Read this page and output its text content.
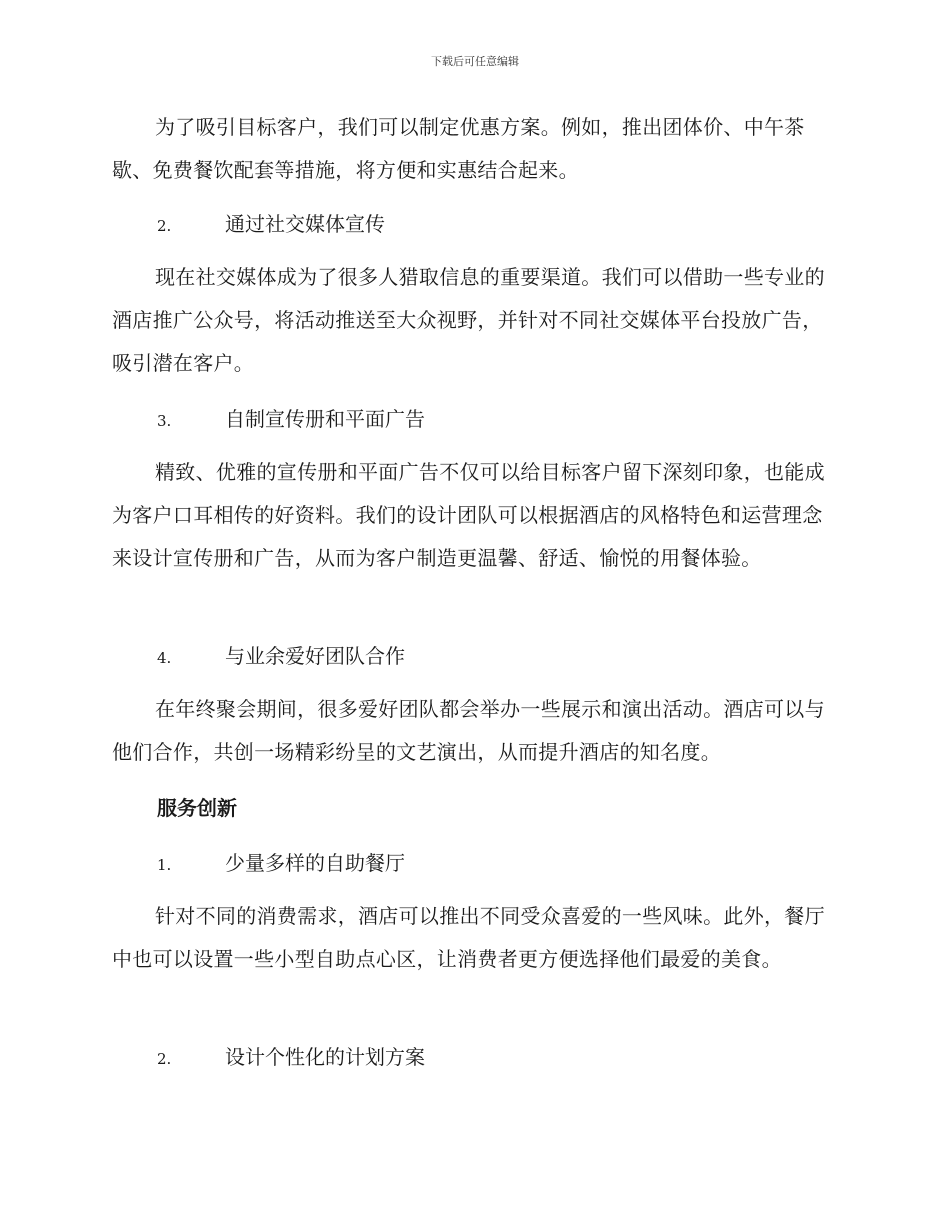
下载后可任意编辑

为了吸引目标客户，我们可以制定优惠方案。例如，推出团体价、中午茶歇、免费餐饮配套等措施，将方便和实惠结合起来。

2.	通过社交媒体宣传

现在社交媒体成为了很多人猎取信息的重要渠道。我们可以借助一些专业的酒店推广公众号，将活动推送至大众视野，并针对不同社交媒体平台投放广告，吸引潜在客户。

3.	自制宣传册和平面广告

精致、优雅的宣传册和平面广告不仅可以给目标客户留下深刻印象，也能成为客户口耳相传的好资料。我们的设计团队可以根据酒店的风格特色和运营理念来设计宣传册和广告，从而为客户制造更温馨、舒适、愉悦的用餐体验。

4.	与业余爱好团队合作

在年终聚会期间，很多爱好团队都会举办一些展示和演出活动。酒店可以与他们合作，共创一场精彩纷呈的文艺演出，从而提升酒店的知名度。

服务创新
1.	少量多样的自助餐厅

针对不同的消费需求，酒店可以推出不同受众喜爱的一些风味。此外，餐厅中也可以设置一些小型自助点心区，让消费者更方便选择他们最爱的美食。

2.	设计个性化的计划方案
